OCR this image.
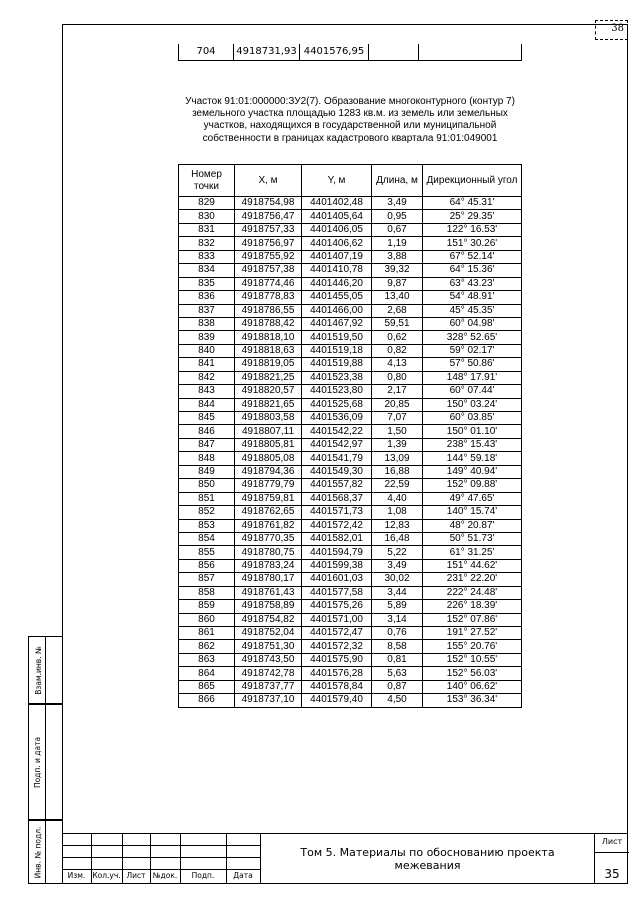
38
704	4918731,93 4401576,95
Участок 91:01:000000:ЗУ2(7). Образование многоконтурного (контур 7) земельного участка площадью 1283 кв.м. из земель или земельных участков, находящихся в государственной или муниципальной собственности в границах кадастрового квартала 91:01:049001
Номер точки	X, м	Y, м	Длина, м	Дирекционный угол
829	4918754,98	4401402,48	3,49	64° 45.31'
830	4918756,47	4401405,64	0,95	25° 29.35'
831	4918757,33	4401406,05	0,67	122° 16.53'
832	4918756,97	4401406,62	1,19	151° 30.26'
833	4918755,92	4401407,19	3,88	67° 52.14'
834	4918757,38	4401410,78	39,32	64° 15.36'
835	4918774,46	4401446,20	9,87	63° 43.23'
836	4918778,83	4401455,05	13,40	54° 48.91'
837	4918786,55	4401466,00	2,68	45° 45.35'
838	4918788,42	4401467,92	59,51	60° 04.98'
839	4918818,10	4401519,50	0,62	328° 52.65'
840	4918818,63	4401519,18	0,82	59° 02.17'
841	4918819,05	4401519,88	4,13	57° 50.86'
842	4918821,25	4401523,38	0,80	148° 17.91'
843	4918820,57	4401523,80	2,17	60° 07.44'
844	4918821,65	4401525,68	20,85	150° 03.24'
845	4918803,58	4401536,09	7,07	60° 03.85'
846	4918807,11	4401542,22	1,50	150° 01.10'
847	4918805,81	4401542,97	1,39	238° 15.43'
848	4918805,08	4401541,79	13,09	144° 59.18'
849	4918794,36	4401549,30	16,88	149° 40.94'
850	4918779,79	4401557,82	22,59	152° 09.88'
851	4918759,81	4401568,37	4,40	49° 47.65'
852	4918762,65	4401571,73	1,08	140° 15.74'
853	4918761,82	4401572,42	12,83	48° 20.87'
854	4918770,35	4401582,01	16,48	50° 51.73'
855	4918780,75	4401594,79	5,22	61° 31.25'
856	4918783,24	4401599,38	3,49	151° 44.62'
857	4918780,17	4401601,03	30,02	231° 22.20'
858	4918761,43	4401577,58	3,44	222° 24.48'
859	4918758,89	4401575,26	5,89	226° 18.39'
860	4918754,82	4401571,00	3,14	152° 07.86'
861	4918752,04	4401572,47	0,76	191° 27.52'
862	4918751,30	4401572,32	8,58	155° 20.76'
863	4918743,50	4401575,90	0,81	152° 10.55'
864	4918742,78	4401576,28	5,63	152° 56.03'
865	4918737,77	4401578,84	0,87	140° 06.62'
866	4918737,10	4401579,40	4,50	153° 36.34'
Взам.инв. №
Подп. и дата
Инв. № подл.	Изм. Кол.уч. Лист №док.	Подп.	Дата
Том 5. Материалы по обоснованию проекта межевания
Лист
35
